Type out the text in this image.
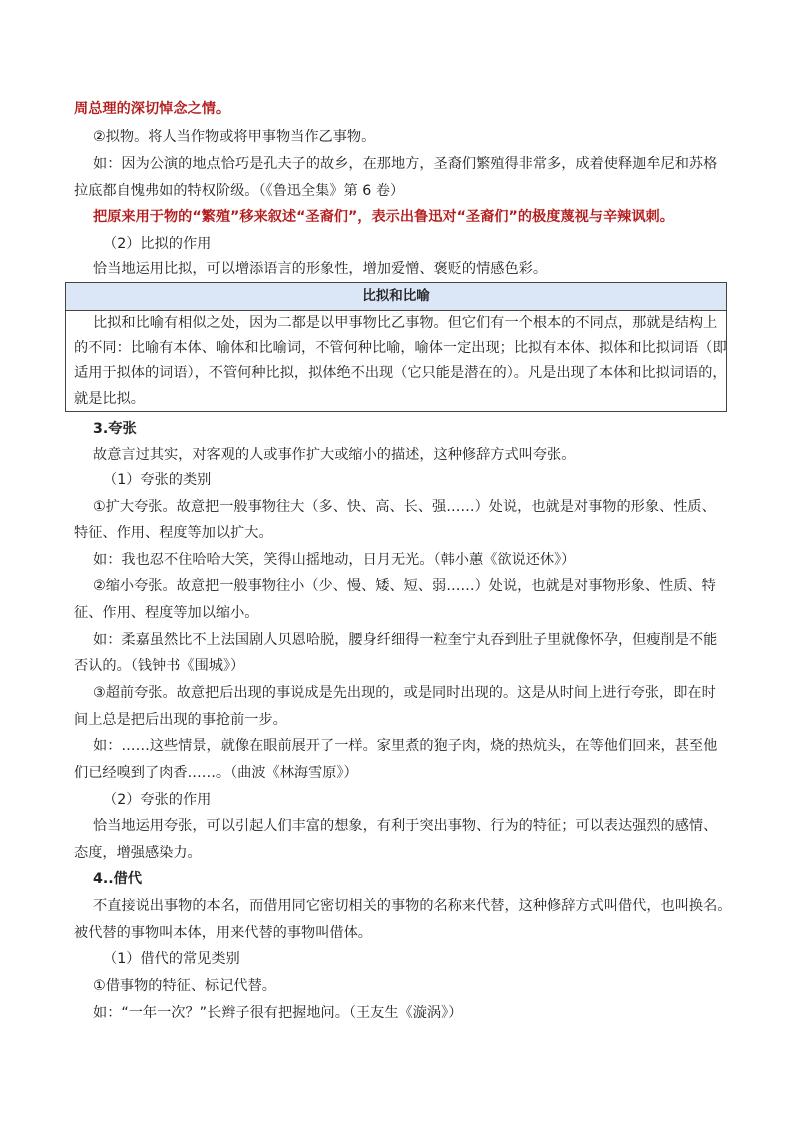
周总理的深切悼念之情。
②拟物。将人当作物或将甲事物当作乙事物。
如：因为公演的地点恰巧是孔夫子的故乡，在那地方，圣裔们繁殖得非常多，成着使释迦牟尼和苏格
拉底都自愧弗如的特权阶级。（《鲁迅全集》第 6 卷）
把原来用于物的“繁殖”移来叙述“圣裔们”，表示出鲁迅对“圣裔们”的极度蔑视与辛辣讽刺。
（2）比拟的作用
恰当地运用比拟，可以增添语言的形象性，增加爱憎、褒贬的情感色彩。
比拟和比喻
比拟和比喻有相似之处，因为二都是以甲事物比乙事物。但它们有一个根本的不同点，那就是结构上
的不同：比喻有本体、喻体和比喻词，不管何种比喻，喻体一定出现；比拟有本体、拟体和比拟词语（即
适用于拟体的词语），不管何种比拟，拟体绝不出现（它只能是潜在的）。凡是出现了本体和比拟词语的，
就是比拟。
3.夸张
故意言过其实，对客观的人或事作扩大或缩小的描述，这种修辞方式叫夸张。
（1）夸张的类别
①扩大夸张。故意把一般事物往大（多、快、高、长、强……）处说，也就是对事物的形象、性质、
特征、作用、程度等加以扩大。
如：我也忍不住哈哈大笑，笑得山摇地动，日月无光。（韩小蕙《欲说还休》）
②缩小夸张。故意把一般事物往小（少、慢、矮、短、弱……）处说，也就是对事物形象、性质、特
征、作用、程度等加以缩小。
如：柔嘉虽然比不上法国剧人贝恩哈脱，腰身纤细得一粒奎宁丸吞到肚子里就像怀孕，但瘦削是不能
否认的。（钱钟书《围城》）
③超前夸张。故意把后出现的事说成是先出现的，或是同时出现的。这是从时间上进行夸张，即在时
间上总是把后出现的事抢前一步。
如：……这些情景，就像在眼前展开了一样。家里煮的狍子肉，烧的热炕头，在等他们回来，甚至他
们已经嗅到了肉香……。（曲波《林海雪原》）
（2）夸张的作用
恰当地运用夸张，可以引起人们丰富的想象，有利于突出事物、行为的特征；可以表达强烈的感情、
态度，增强感染力。
4..借代
不直接说出事物的本名，而借用同它密切相关的事物的名称来代替，这种修辞方式叫借代，也叫换名。
被代替的事物叫本体，用来代替的事物叫借体。
（1）借代的常见类别
①借事物的特征、标记代替。
如：“一年一次？”长辫子很有把握地问。（王友生《漩涡》）
